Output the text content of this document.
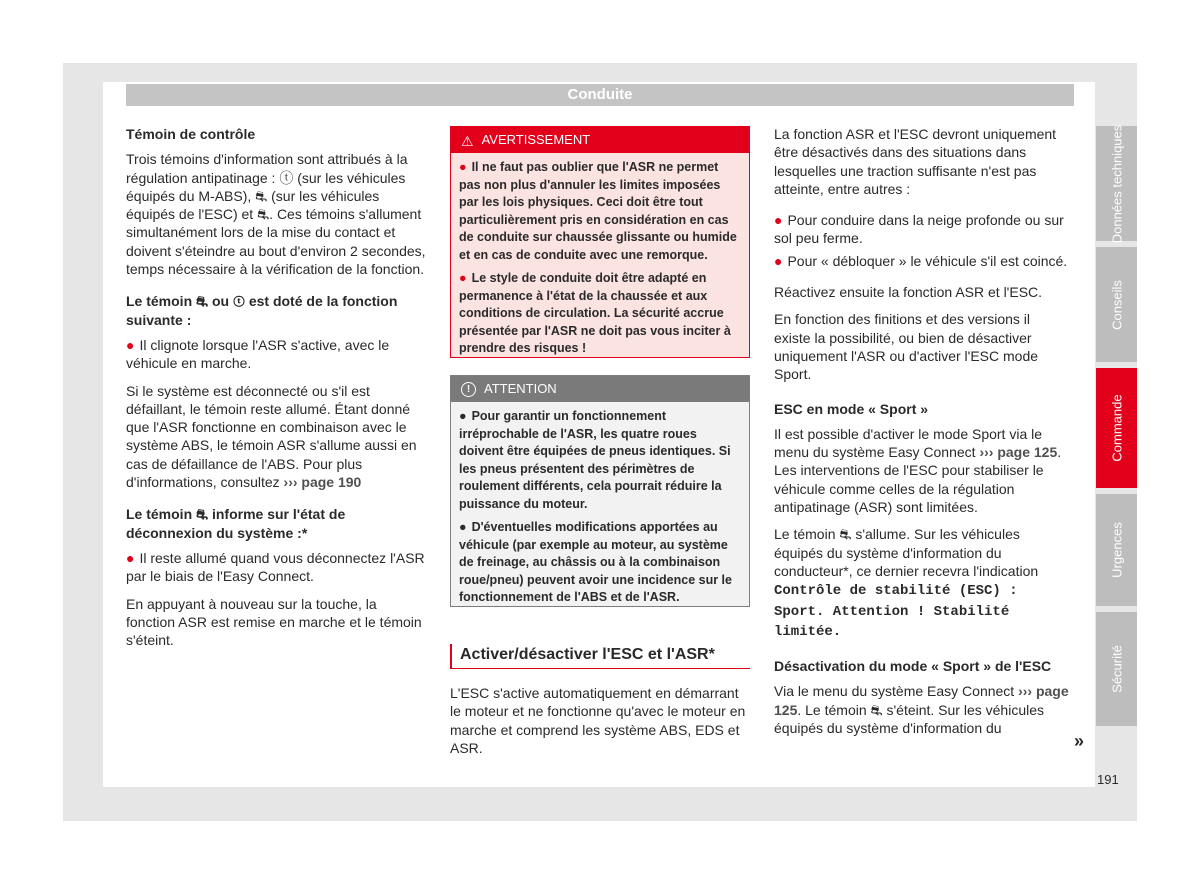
Conduite
Témoin de contrôle

Trois témoins d'information sont attribués à la régulation antipatinage : ⓣ (sur les véhicules équipés du M-ABS), ⛐ (sur les véhicules équipés de l'ESC) et ⛐. Ces témoins s'allument simultanément lors de la mise du contact et doivent s'éteindre au bout d'environ 2 secondes, temps nécessaire à la vérification de la fonction.

Le témoin ⛐ ou ⓣ est doté de la fonction suivante :

● Il clignote lorsque l'ASR s'active, avec le véhicule en marche.

Si le système est déconnecté ou s'il est défaillant, le témoin reste allumé. Étant donné que l'ASR fonctionne en combinaison avec le système ABS, le témoin ASR s'allume aussi en cas de défaillance de l'ABS. Pour plus d'informations, consultez ››› page 190

Le témoin ⛐ informe sur l'état de déconnexion du système :*

● Il reste allumé quand vous déconnectez l'ASR par le biais de l'Easy Connect.

En appuyant à nouveau sur la touche, la fonction ASR est remise en marche et le témoin s'éteint.

⚠ AVERTISSEMENT

● Il ne faut pas oublier que l'ASR ne permet pas non plus d'annuler les limites imposées par les lois physiques. Ceci doit être tout particulièrement pris en considération en cas de conduite sur chaussée glissante ou humide et en cas de conduite avec une remorque.

● Le style de conduite doit être adapté en permanence à l'état de la chaussée et aux conditions de circulation. La sécurité accrue présentée par l'ASR ne doit pas vous inciter à prendre des risques !

! ATTENTION

● Pour garantir un fonctionnement irréprochable de l'ASR, les quatre roues doivent être équipées de pneus identiques. Si les pneus présentent des périmètres de roulement différents, cela pourrait réduire la puissance du moteur.

● D'éventuelles modifications apportées au véhicule (par exemple au moteur, au système de freinage, au châssis ou à la combinaison roue/pneu) peuvent avoir une incidence sur le fonctionnement de l'ABS et de l'ASR.

Activer/désactiver l'ESC et l'ASR*

L'ESC s'active automatiquement en démarrant le moteur et ne fonctionne qu'avec le moteur en marche et comprend les système ABS, EDS et ASR.

La fonction ASR et l'ESC devront uniquement être désactivés dans des situations dans lesquelles une traction suffisante n'est pas atteinte, entre autres :

● Pour conduire dans la neige profonde ou sur sol peu ferme.

● Pour « débloquer » le véhicule s'il est coincé.

Réactivez ensuite la fonction ASR et l'ESC.

En fonction des finitions et des versions il existe la possibilité, ou bien de désactiver uniquement l'ASR ou d'activer l'ESC mode Sport.

ESC en mode « Sport »

Il est possible d'activer le mode Sport via le menu du système Easy Connect ››› page 125. Les interventions de l'ESC pour stabiliser le véhicule comme celles de la régulation antipatinage (ASR) sont limitées.

Le témoin ⛐ s'allume. Sur les véhicules équipés du système d'information du conducteur*, ce dernier recevra l'indication Contrôle de stabilité (ESC) : Sport. Attention ! Stabilité limitée.

Désactivation du mode « Sport » de l'ESC

Via le menu du système Easy Connect ››› page 125. Le témoin ⛐ s'éteint. Sur les véhicules équipés du système d'information du

»
Données techniques
Conseils
Commande
Urgences
Sécurité
191
